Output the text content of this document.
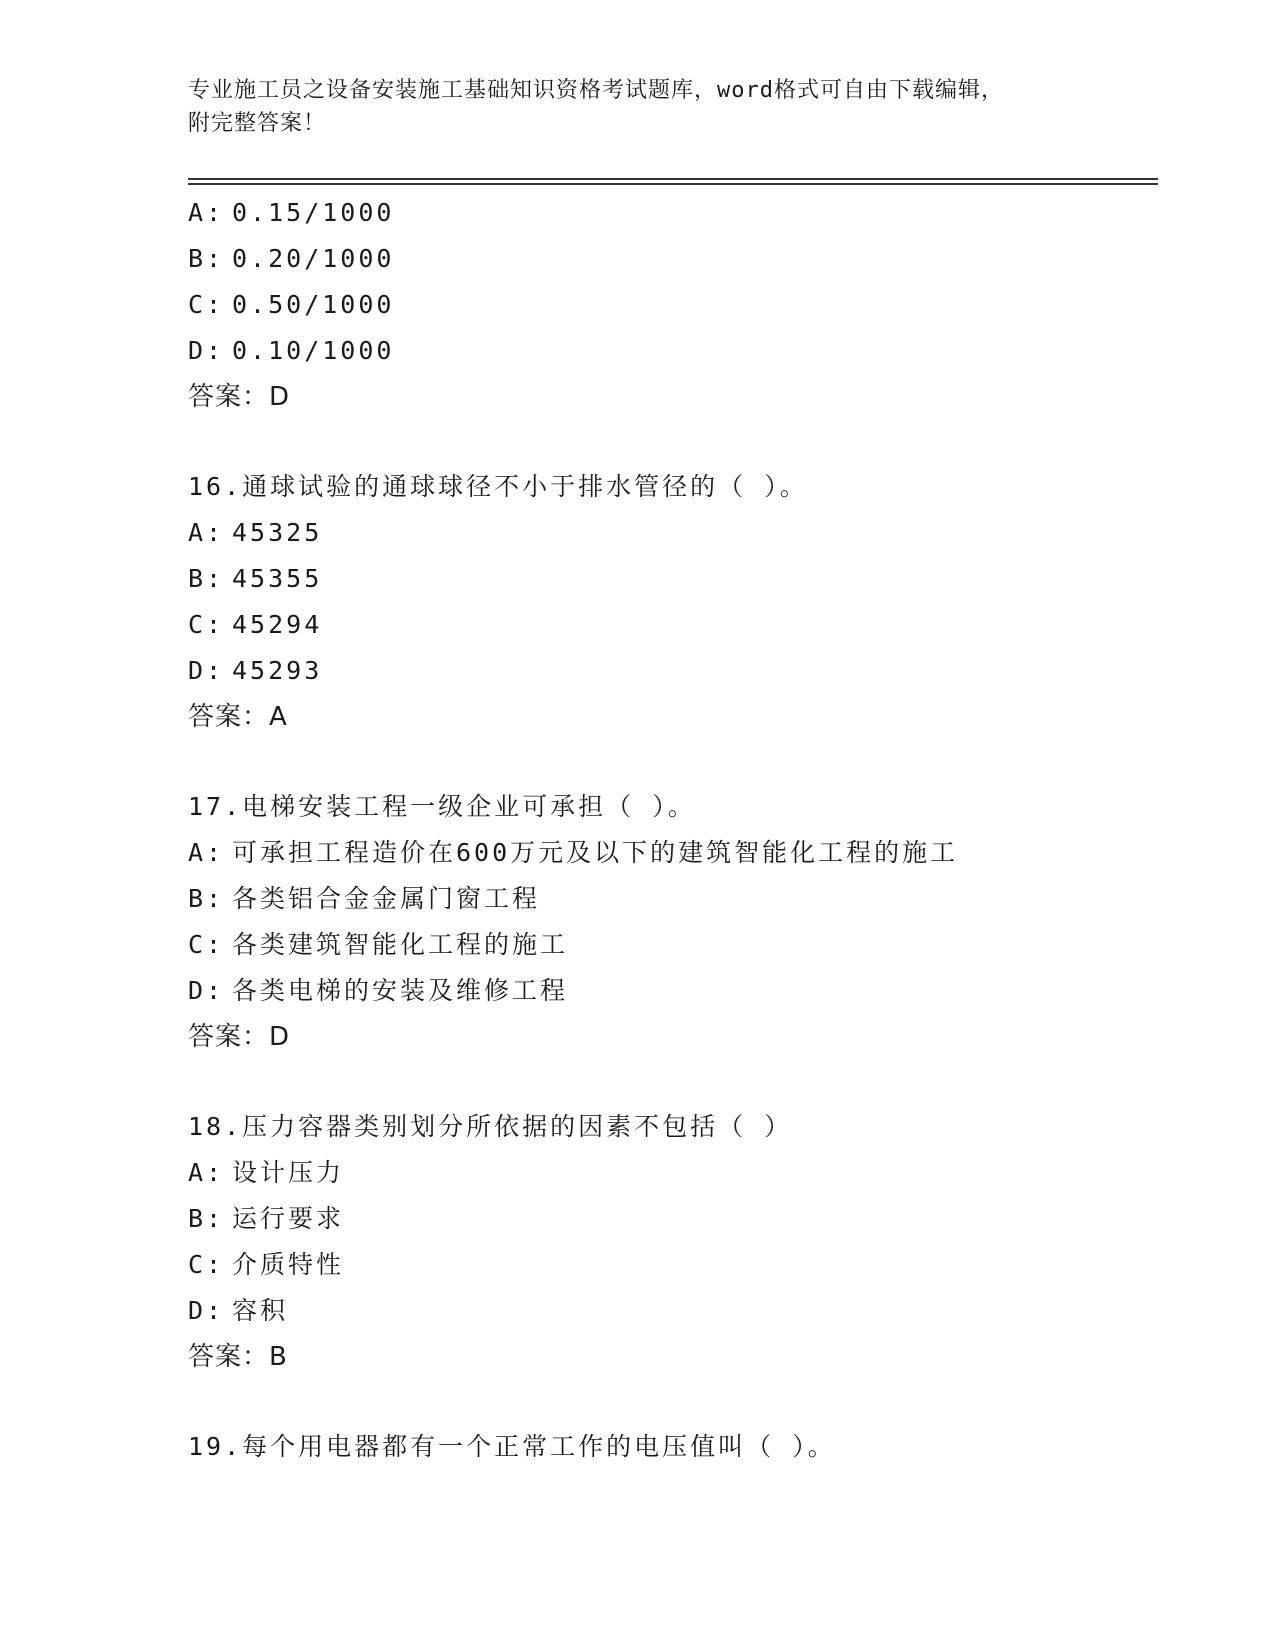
专业施工员之设备安装施工基础知识资格考试题库，word格式可自由下载编辑，
附完整答案！
A: 0.15/1000
B: 0.20/1000
C: 0.50/1000
D: 0.10/1000
答案：D
16.通球试验的通球球径不小于排水管径的（ ）。
A: 45325
B: 45355
C: 45294
D: 45293
答案：A
17.电梯安装工程一级企业可承担（ ）。
A: 可承担工程造价在600万元及以下的建筑智能化工程的施工
B: 各类铝合金金属门窗工程
C: 各类建筑智能化工程的施工
D: 各类电梯的安装及维修工程
答案：D
18.压力容器类别划分所依据的因素不包括（ ）
A: 设计压力
B: 运行要求
C: 介质特性
D: 容积
答案：B
19.每个用电器都有一个正常工作的电压值叫（ ）。
